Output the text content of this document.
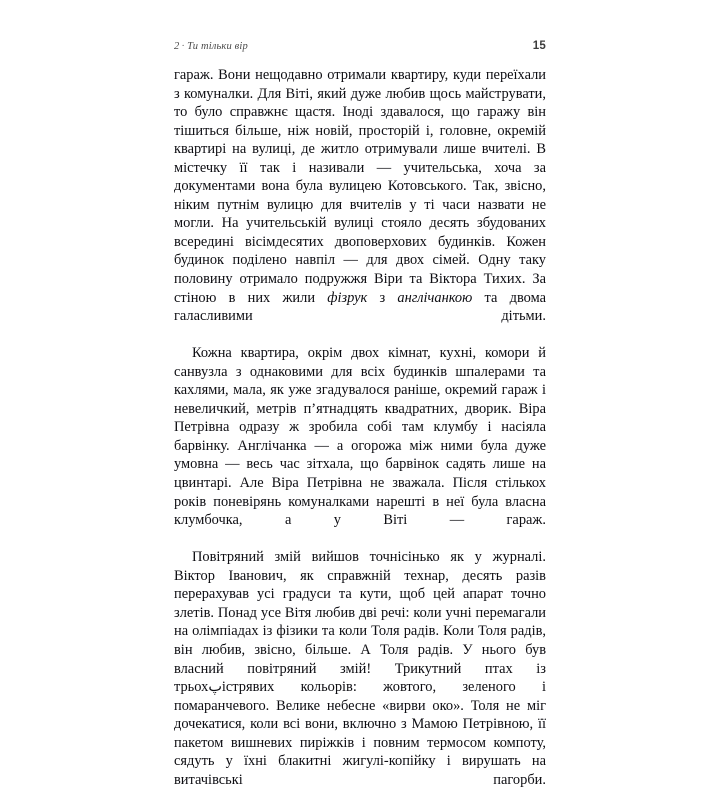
2 · Ти тільки вір	15

гараж. Вони нещодавно отримали квартиру, куди переїхали з комуналки. Для Віті, який дуже любив щось майструвати, то було справжнє щастя. Іноді здавалося, що гаражу він тішиться більше, ніж новій, просторій і, головне, окремій квартирі на вулиці, де житло отримували лише вчителі. В містечку її так і називали — учительська, хоча за документами вона була вулицею Котовського. Так, звісно, ніким путнім вулицю для вчителів у ті часи назвати не могли. На учительській вулиці стояло десять збудованих всередині вісімдесятих двоповерхових будинків. Кожен будинок поділено навпіл — для двох сімей. Одну таку половину отримало подружжя Віри та Віктора Тихих. За стіною в них жили фізрук з англічанкою та двома галасливими дітьми.

Кожна квартира, окрім двох кімнат, кухні, комори й санвузла з однаковими для всіх будинків шпалерами та кахлями, мала, як уже згадувалося раніше, окремий гараж і невеличкий, метрів п’ятнадцять квадратних, дворик. Віра Петрівна одразу ж зробила собі там клумбу і насіяла барвінку. Англічанка — а огорожа між ними була дуже умовна — весь час зітхала, що барвінок садять лише на цвинтарі. Але Віра Петрівна не зважала. Після стількох років поневірянь комуналками нарешті в неї була власна клумбочка, а у Віті — гараж.

Повітряний змій вийшов точнісінько як у журналі. Віктор Іванович, як справжній технар, десять разів перерахував усі градуси та кути, щоб цей апарат точно злетів. Понад усе Вітя любив дві речі: коли учні перемагали на олімпіадах із фізики та коли Толя радів. Коли Толя радів, він любив, звісно, більше. А Толя радів. У нього був власний повітряний змій! Трикутний птах із трьохپістрявих кольорів: жовтого, зеленого і помаранчевого. Велике небесне «вирви око». Толя не міг дочекатися, коли всі вони, включно з Мамою Петрівною, її пакетом вишневих пиріжків і повним термосом компоту, сядуть у їхні блакитні жигулі-копійку і вирушать на витачівські пагорби.
